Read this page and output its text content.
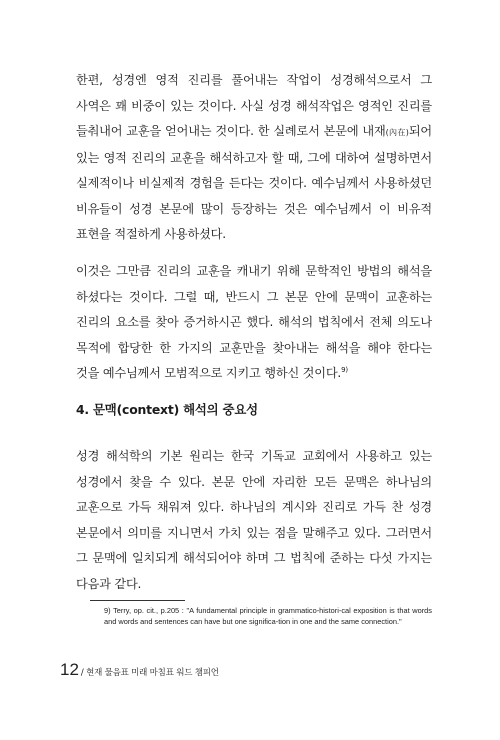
한편, 성경엔 영적 진리를 풀어내는 작업이 성경해석으로서 그 사역은 꽤 비중이 있는 것이다. 사실 성경 해석작업은 영적인 진리를 들춰내어 교훈을 얻어내는 것이다. 한 실례로서 본문에 내재(內在)되어 있는 영적 진리의 교훈을 해석하고자 할 때, 그에 대하여 설명하면서 실제적이나 비실제적 경험을 든다는 것이다. 예수님께서 사용하셨던 비유들이 성경 본문에 많이 등장하는 것은 예수님께서 이 비유적 표현을 적절하게 사용하셨다.

이것은 그만큼 진리의 교훈을 캐내기 위해 문학적인 방법의 해석을 하셨다는 것이다. 그럴 때, 반드시 그 본문 안에 문맥이 교훈하는 진리의 요소를 찾아 증거하시곤 했다. 해석의 법칙에서 전체 의도나 목적에 합당한 한 가지의 교훈만을 찾아내는 해석을 해야 한다는 것을 예수님께서 모범적으로 지키고 행하신 것이다.$^{9)}$

4. 문맥(context) 해석의 중요성

성경 해석학의 기본 원리는 한국 기독교 교회에서 사용하고 있는 성경에서 찾을 수 있다. 본문 안에 자리한 모든 문맥은 하나님의 교훈으로 가득 채워져 있다. 하나님의 계시와 진리로 가득 찬 성경 본문에서 의미를 지니면서 가치 있는 점을 말해주고 있다. 그러면서 그 문맥에 일치되게 해석되어야 하며 그 법칙에 준하는 다섯 가지는 다음과 같다.

9) Terry, op. cit., p.205 : "A fundamental principle in grammatico-histori-cal exposition is that words and words and sentences can have but one significa-tion in one and the same connection."

12 / 현재 물음표 미래 마침표 워드 챔피언
